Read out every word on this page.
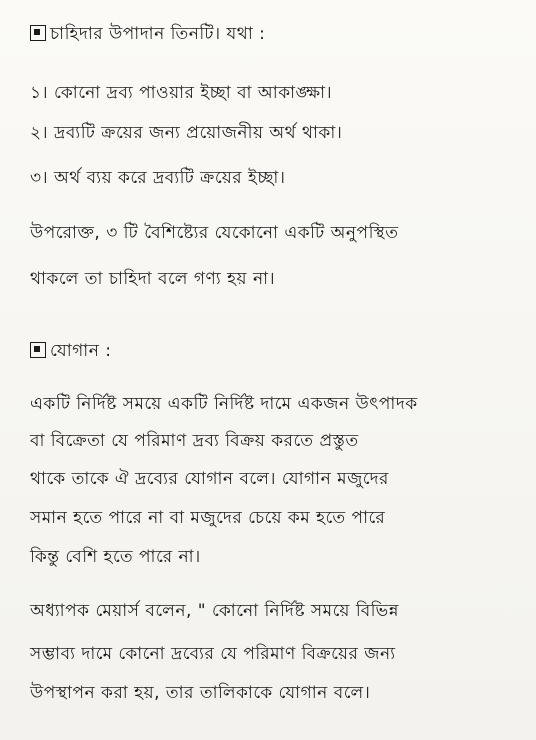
চাহিদার উপাদান তিনটি। যথা :
১। কোনো দ্রব্য পাওয়ার ইচ্ছা বা আকাঙ্ক্ষা।
২। দ্রব্যটি ক্রয়ের জন্য প্রয়োজনীয় অর্থ থাকা।
৩। অর্থ ব্যয় করে দ্রব্যটি ক্রয়ের ইচ্ছা।
উপরোক্ত, ৩ টি বৈশিষ্ট্যের যেকোনো একটি অনুপস্থিত
থাকলে তা চাহিদা বলে গণ্য হয় না।
যোগান :
একটি নির্দিষ্ট সময়ে একটি নির্দিষ্ট দামে একজন উৎপাদক
বা বিক্রেতা যে পরিমাণ দ্রব্য বিক্রয় করতে প্রস্তুত
থাকে তাকে ঐ দ্রব্যের যোগান বলে। যোগান মজুদের
সমান হতে পারে না বা মজুদের চেয়ে কম হতে পারে
কিন্তু বেশি হতে পারে না।
অধ্যাপক মেয়ার্স বলেন, " কোনো নির্দিষ্ট সময়ে বিভিন্ন
সম্ভাব্য দামে কোনো দ্রব্যের যে পরিমাণ বিক্রয়ের জন্য
উপস্থাপন করা হয়, তার তালিকাকে যোগান বলে।
